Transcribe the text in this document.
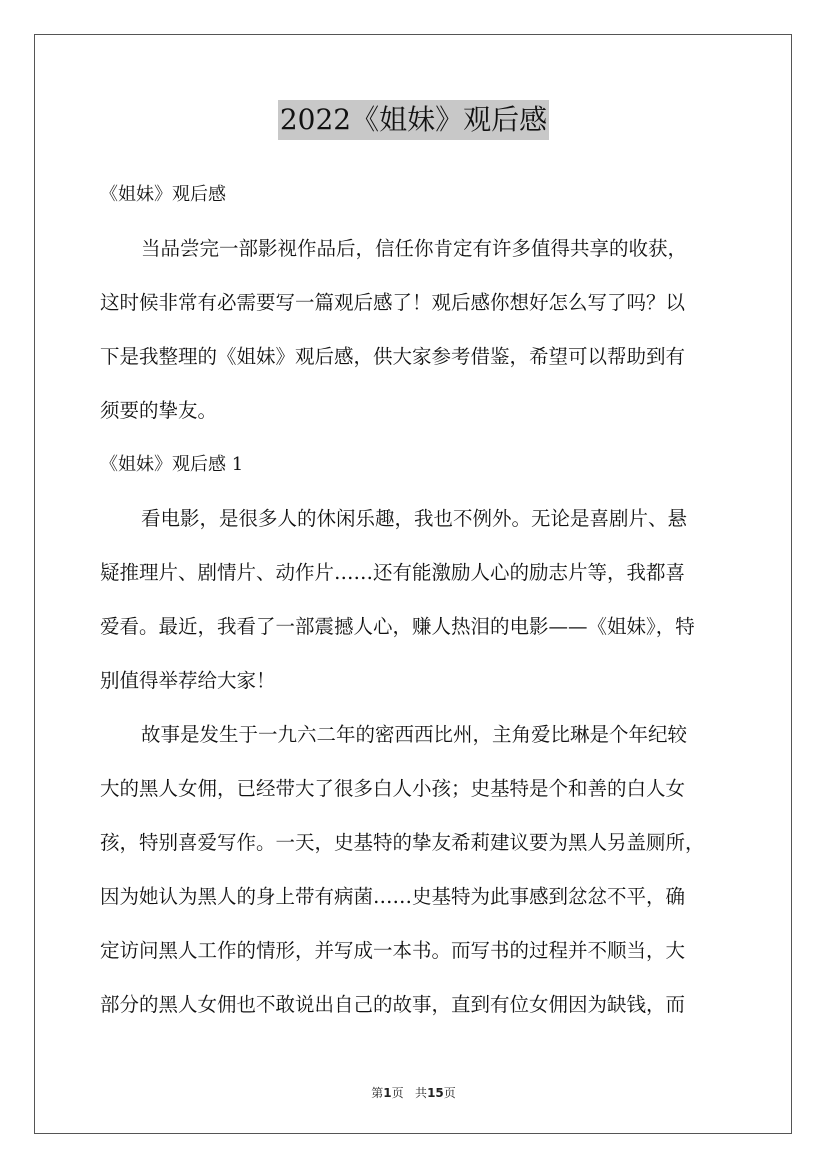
2022《姐妹》观后感
《姐妹》观后感
当品尝完一部影视作品后，信任你肯定有许多值得共享的收获，
这时候非常有必需要写一篇观后感了！观后感你想好怎么写了吗？以
下是我整理的《姐妹》观后感，供大家参考借鉴，希望可以帮助到有
须要的挚友。
《姐妹》观后感 1
看电影，是很多人的休闲乐趣，我也不例外。无论是喜剧片、悬
疑推理片、剧情片、动作片……还有能激励人心的励志片等，我都喜
爱看。最近，我看了一部震撼人心，赚人热泪的电影——《姐妹》，特
别值得举荐给大家！
故事是发生于一九六二年的密西西比州，主角爱比琳是个年纪较
大的黑人女佣，已经带大了很多白人小孩；史基特是个和善的白人女
孩，特别喜爱写作。一天，史基特的挚友希莉建议要为黑人另盖厕所，
因为她认为黑人的身上带有病菌……史基特为此事感到忿忿不平，确
定访问黑人工作的情形，并写成一本书。而写书的过程并不顺当，大
部分的黑人女佣也不敢说出自己的故事，直到有位女佣因为缺钱，而
第1页 共15页
